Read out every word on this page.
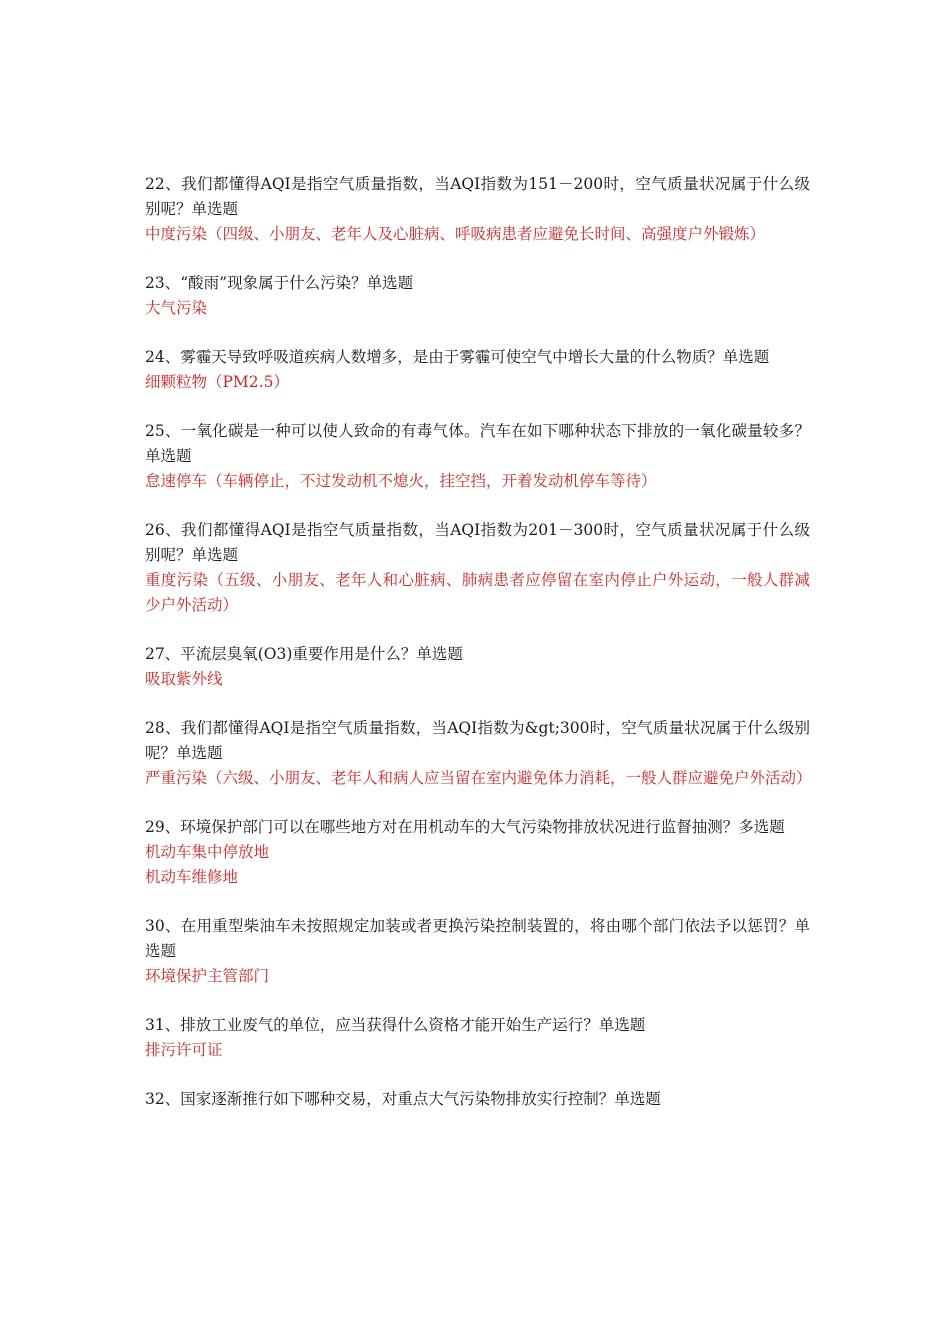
22、我们都懂得AQI是指空气质量指数，当AQI指数为151－200时，空气质量状况属于什么级别呢？单选题

中度污染（四级、小朋友、老年人及心脏病、呼吸病患者应避免长时间、高强度户外锻炼）

23、“酸雨”现象属于什么污染？单选题

大气污染

24、雾霾天导致呼吸道疾病人数增多，是由于雾霾可使空气中增长大量的什么物质？单选题

细颗粒物（PM2.5）

25、一氧化碳是一种可以使人致命的有毒气体。汽车在如下哪种状态下排放的一氧化碳量较多？ 单选题

怠速停车（车辆停止，不过发动机不熄火，挂空挡，开着发动机停车等待）

26、我们都懂得AQI是指空气质量指数，当AQI指数为201－300时，空气质量状况属于什么级别呢？单选题

重度污染（五级、小朋友、老年人和心脏病、肺病患者应停留在室内停止户外运动，一般人群减少户外活动）

27、平流层臭氧(O3)重要作用是什么？单选题

吸取紫外线

28、我们都懂得AQI是指空气质量指数，当AQI指数为&gt;300时，空气质量状况属于什么级别呢？单选题

严重污染（六级、小朋友、老年人和病人应当留在室内避免体力消耗，一般人群应避免户外活动）

29、环境保护部门可以在哪些地方对在用机动车的大气污染物排放状况进行监督抽测？多选题

机动车集中停放地

机动车维修地

30、在用重型柴油车未按照规定加装或者更换污染控制装置的，将由哪个部门依法予以惩罚？单选题

环境保护主管部门

31、排放工业废气的单位，应当获得什么资格才能开始生产运行？单选题

排污许可证

32、国家逐渐推行如下哪种交易，对重点大气污染物排放实行控制？单选题
